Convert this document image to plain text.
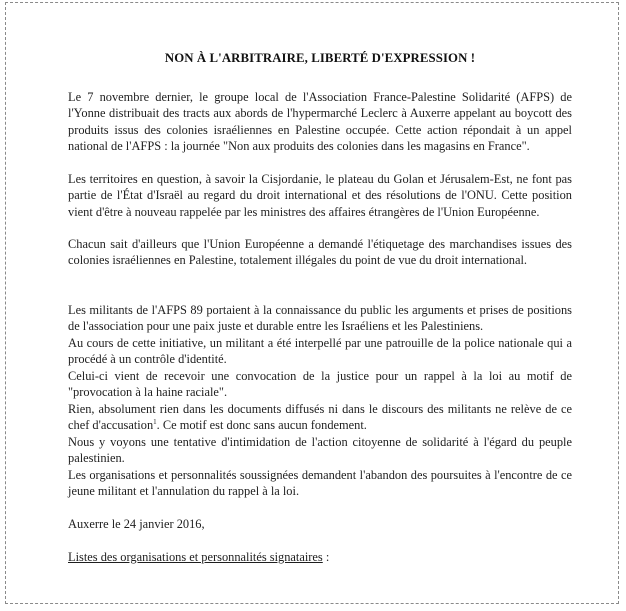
NON À L'ARBITRAIRE, LIBERTÉ D'EXPRESSION !

Le 7 novembre dernier, le groupe local de l'Association France-Palestine Solidarité (AFPS) de l'Yonne distribuait des tracts aux abords de l'hypermarché Leclerc à Auxerre appelant au boycott des produits issus des colonies israéliennes en Palestine occupée. Cette action répondait à un appel national de l'AFPS : la journée "Non aux produits des colonies dans les magasins en France".

Les territoires en question, à savoir la Cisjordanie, le plateau du Golan et Jérusalem-Est, ne font pas partie de l'État d'Israël au regard du droit international et des résolutions de l'ONU. Cette position vient d'être à nouveau rappelée par les ministres des affaires étrangères de l'Union Européenne.

Chacun sait d'ailleurs que l'Union Européenne a demandé l'étiquetage des marchandises issues des colonies israéliennes en Palestine, totalement illégales du point de vue du droit international.

Les militants de l'AFPS 89 portaient à la connaissance du public les arguments et prises de positions de l'association pour une paix juste et durable entre les Israéliens et les Palestiniens.

Au cours de cette initiative, un militant a été interpellé par une patrouille de la police nationale qui a procédé à un contrôle d'identité.

Celui-ci vient de recevoir une convocation de la justice pour un rappel à la loi au motif de "provocation à la haine raciale".

Rien, absolument rien dans les documents diffusés ni dans le discours des militants ne relève de ce chef d'accusation$^1$. Ce motif est donc sans aucun fondement.

Nous y voyons une tentative d'intimidation de l'action citoyenne de solidarité à l'égard du peuple palestinien.

Les organisations et personnalités soussignées demandent l'abandon des poursuites à l'encontre de ce jeune militant et l'annulation du rappel à la loi.

Auxerre le 24 janvier 2016,

Listes des organisations et personnalités signataires :
